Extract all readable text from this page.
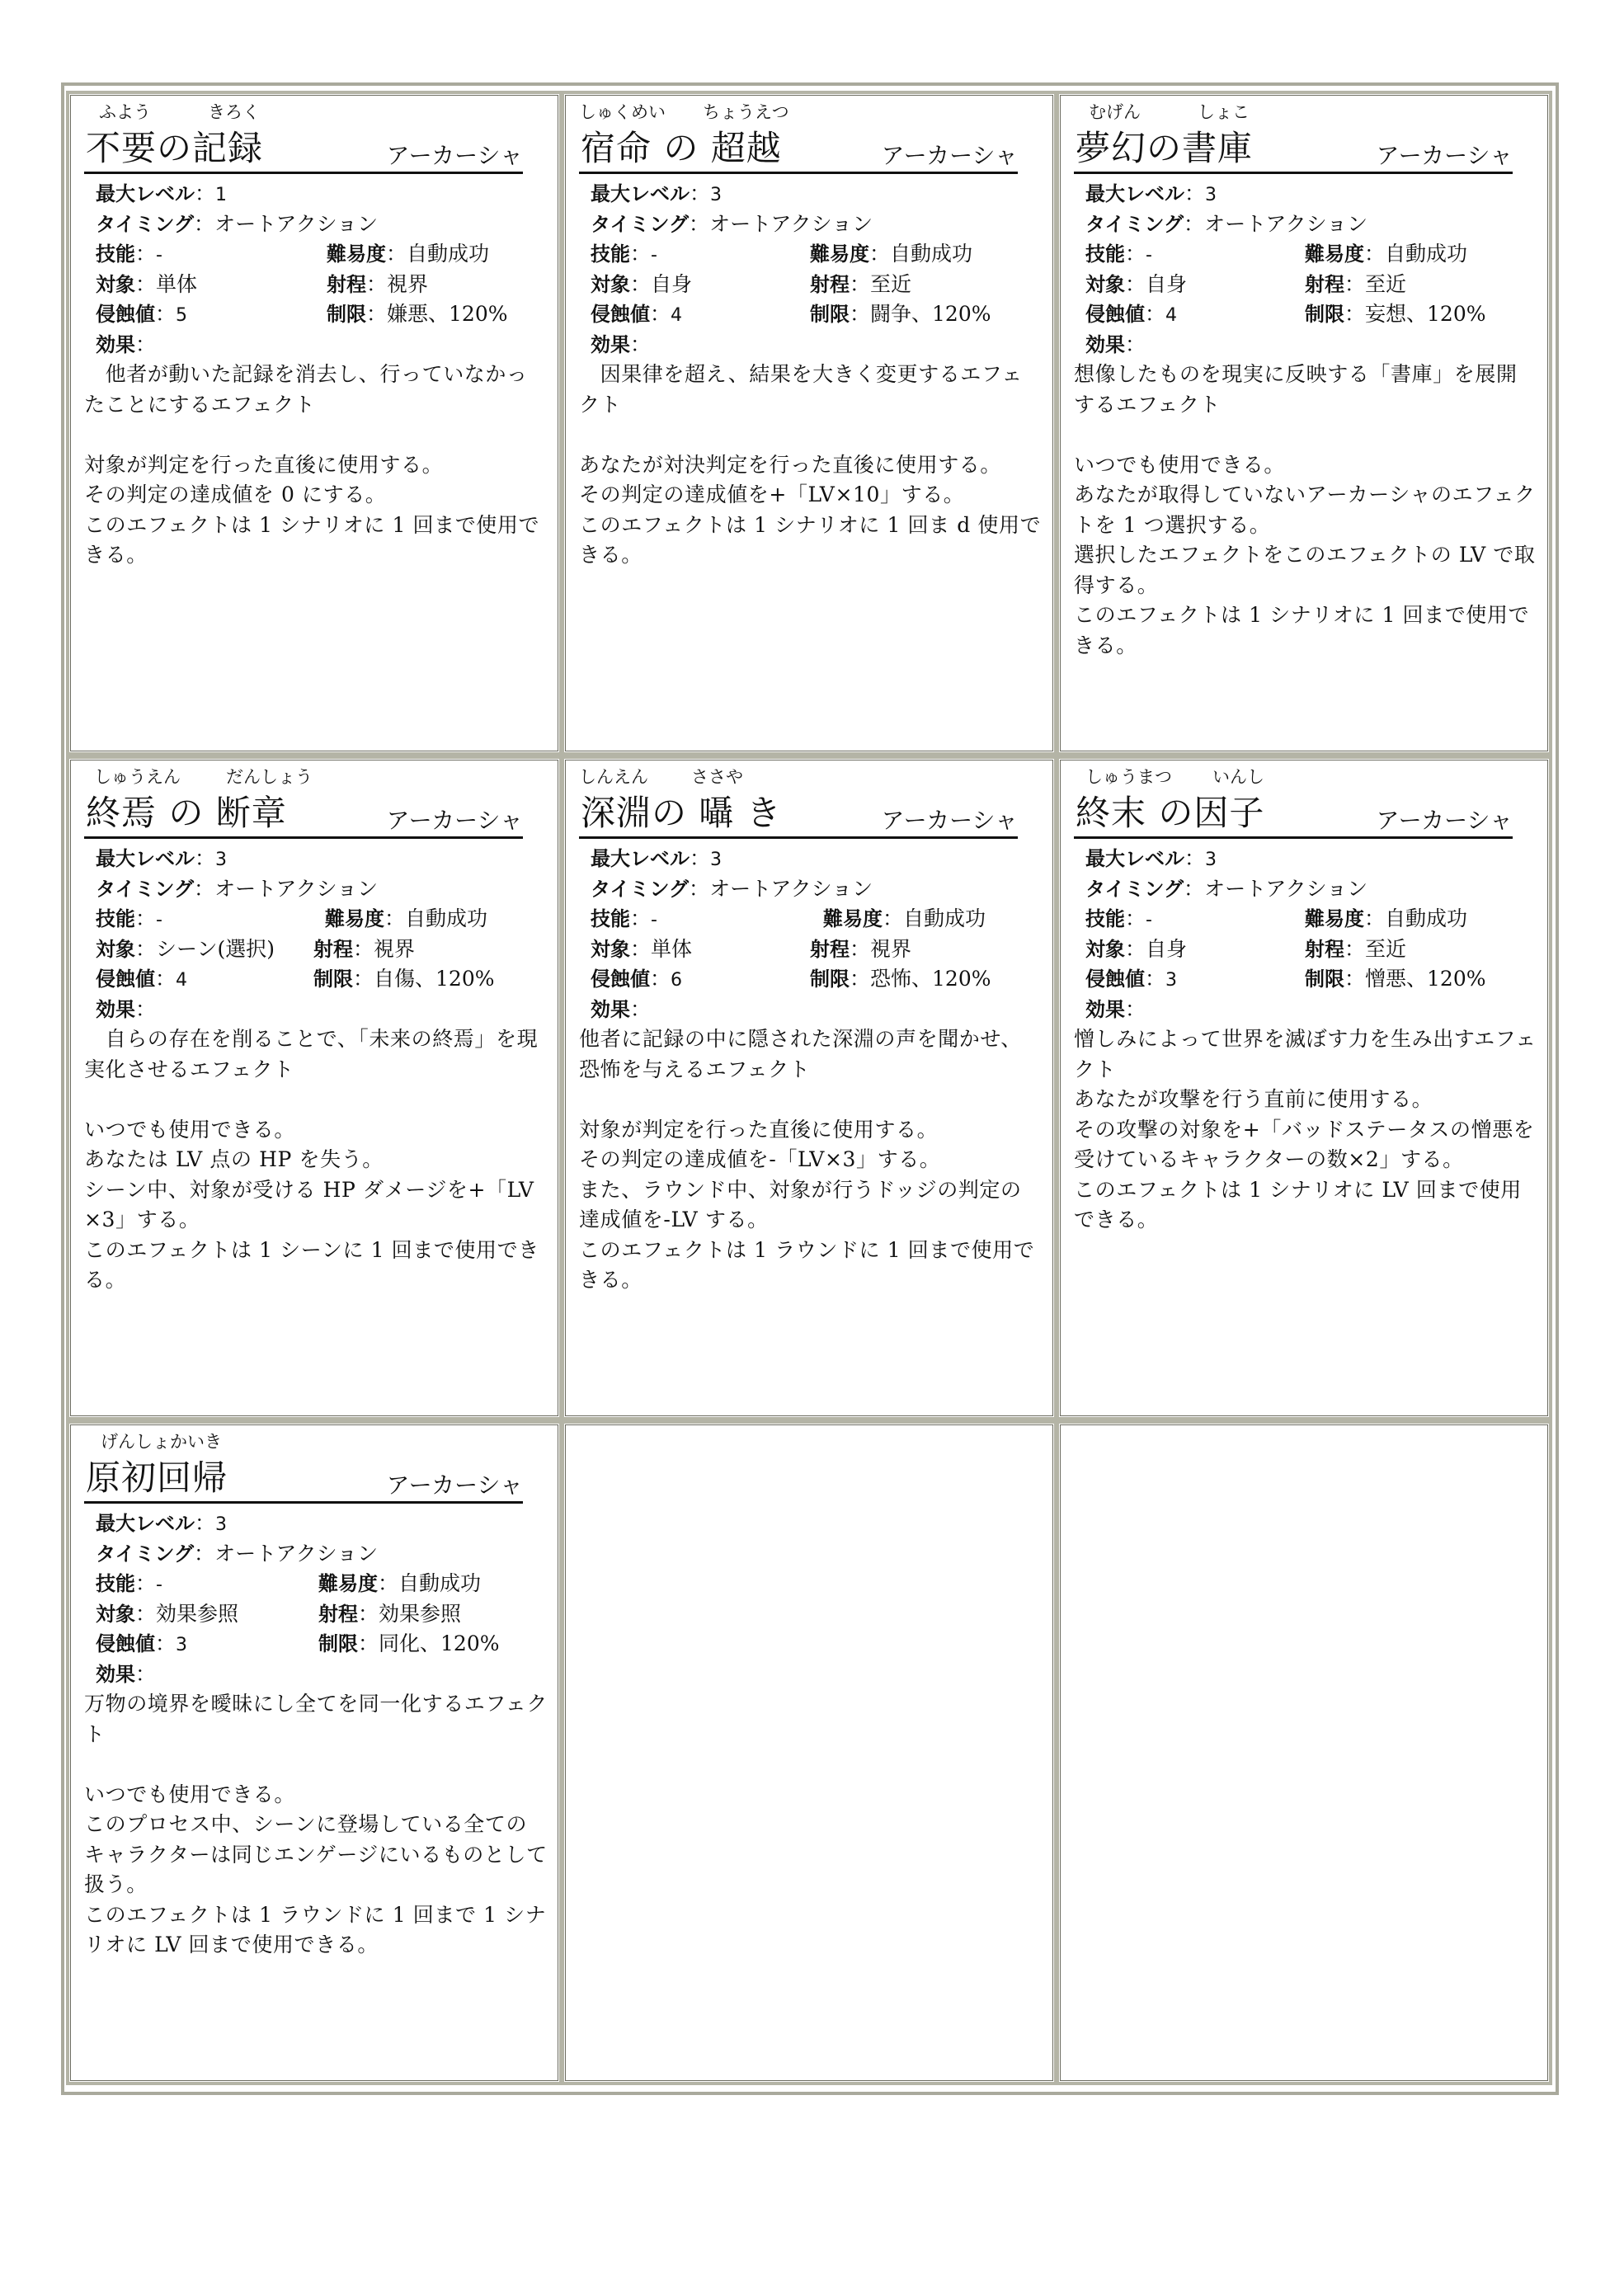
ふよう	きろく
不要の記録	アーカーシャ
最大レベル：1
タイミング：オートアクション
技能：-	難易度：自動成功
対象：単体	射程：視界
侵蝕値：5	制限：嫌悪、120%
効果：
　他者が動いた記録を消去し、行っていなかったことにするエフェクト

対象が判定を行った直後に使用する。
その判定の達成値を 0 にする。
このエフェクトは 1 シナリオに 1 回まで使用できる。
しゅくめい ちょうえつ
宿命 の 超越	アーカーシャ
最大レベル：3
タイミング：オートアクション
技能：-	難易度：自動成功
対象：自身	射程：至近
侵蝕値：4	制限：闘争、120%
効果：
　因果律を超え、結果を大きく変更するエフェクト

あなたが対決判定を行った直後に使用する。
その判定の達成値を+「LV×10」する。
このエフェクトは 1 シナリオに 1 回ま d 使用できる。
むげん	しょこ
夢幻の書庫	アーカーシャ
最大レベル：3
タイミング：オートアクション
技能：-	難易度：自動成功
対象：自身	射程：至近
侵蝕値：4	制限：妄想、120%
効果：
想像したものを現実に反映する「書庫」を展開するエフェクト

いつでも使用できる。
あなたが取得していないアーカーシャのエフェクトを 1 つ選択する。
選択したエフェクトをこのエフェクトの LV で取得する。
このエフェクトは 1 シナリオに 1 回まで使用できる。
しゅうえん	だんしょう
終焉 の 断章	アーカーシャ
最大レベル：3
タイミング：オートアクション
技能：-	難易度：自動成功
対象：シーン(選択) 射程：視界
侵蝕値：4	制限：自傷、120%
効果：
　自らの存在を削ることで、「未来の終焉」を現実化させるエフェクト

いつでも使用できる。
あなたは LV 点の HP を失う。
シーン中、対象が受ける HP ダメージを+「LV×3」する。
このエフェクトは 1 シーンに 1 回まで使用できる。
しんえん ささや
深淵の 囁 き	アーカーシャ
最大レベル：3
タイミング：オートアクション
技能：-	難易度：自動成功
対象：単体	射程：視界
侵蝕値：6	制限：恐怖、120%
効果：
他者に記録の中に隠された深淵の声を聞かせ、恐怖を与えるエフェクト

対象が判定を行った直後に使用する。
その判定の達成値を-「LV×3」する。
また、ラウンド中、対象が行うドッジの判定の達成値を-LV する。
このエフェクトは 1 ラウンドに 1 回まで使用できる。
しゅうまつ いんし
終末 の因子	アーカーシャ
最大レベル：3
タイミング：オートアクション
技能：-	難易度：自動成功
対象：自身	射程：至近
侵蝕値：3	制限：憎悪、120%
効果：
憎しみによって世界を滅ぼす力を生み出すエフェクト
あなたが攻撃を行う直前に使用する。
その攻撃の対象を+「バッドステータスの憎悪を受けているキャラクターの数×2」する。
このエフェクトは 1 シナリオに LV 回まで使用できる。
げんしょかいき
原初回帰	アーカーシャ
最大レベル：3
タイミング：オートアクション
技能：-	難易度：自動成功
対象：効果参照	射程：効果参照
侵蝕値：3	制限：同化、120%
効果：
万物の境界を曖昧にし全てを同一化するエフェクト

いつでも使用できる。
このプロセス中、シーンに登場している全てのキャラクターは同じエンゲージにいるものとして扱う。
このエフェクトは 1 ラウンドに 1 回まで 1 シナリオに LV 回まで使用できる。
